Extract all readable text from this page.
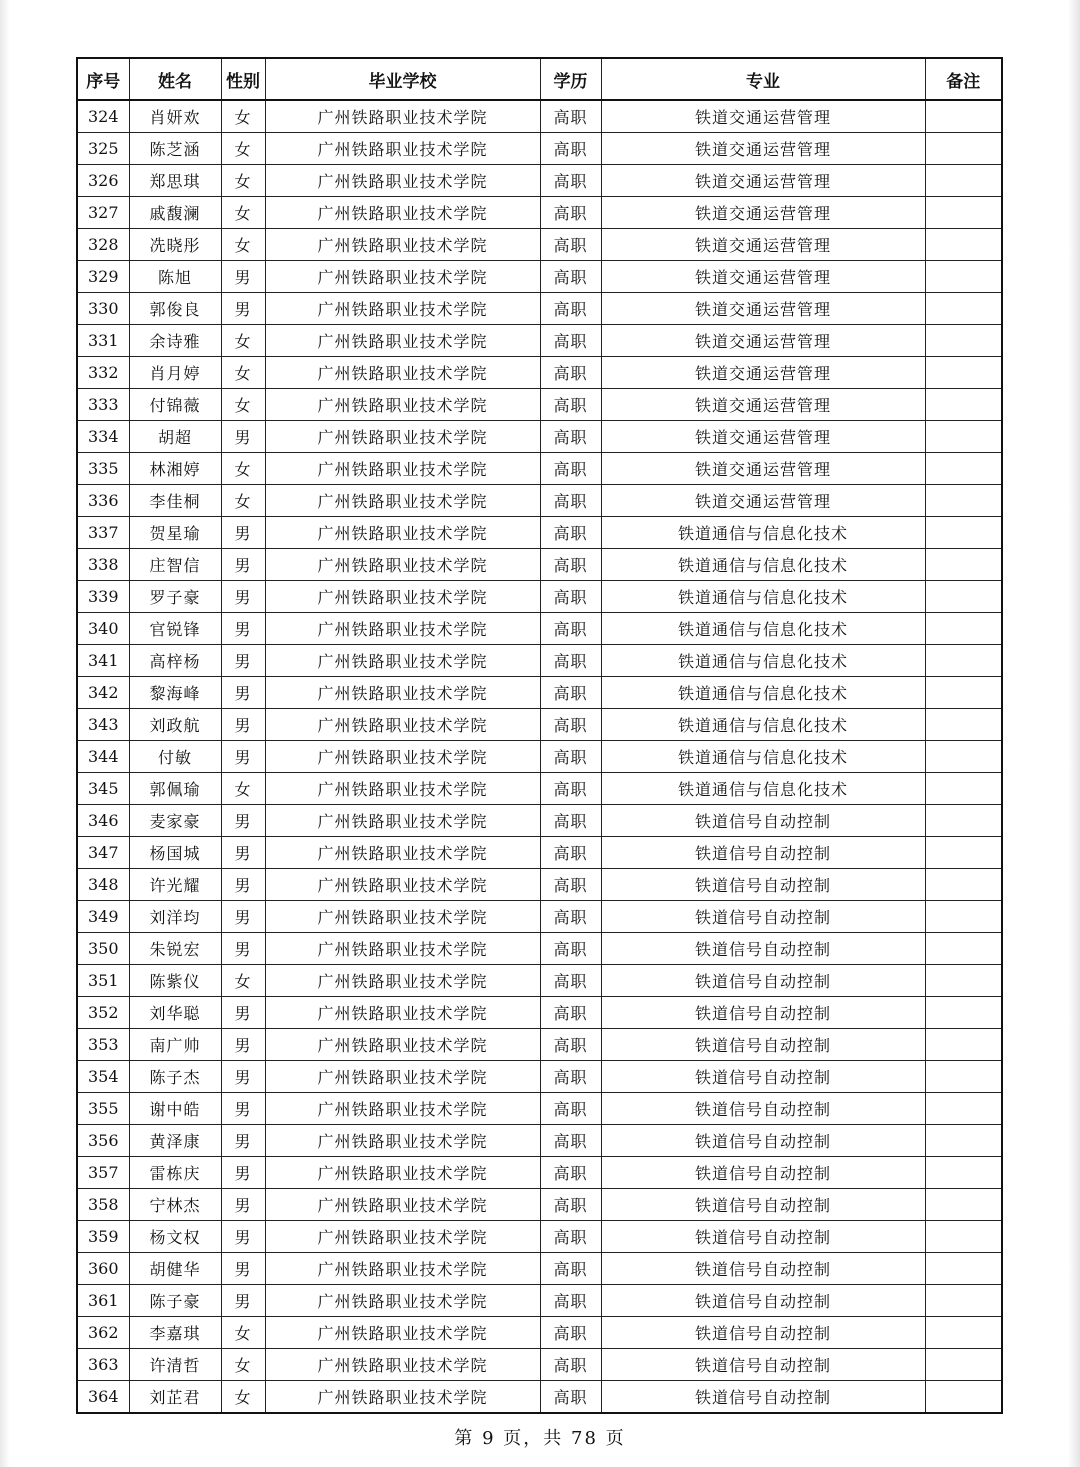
序号	姓名	性别	毕业学校	学历	专业	备注
324	肖妍欢	女	广州铁路职业技术学院	高职	铁道交通运营管理	
325	陈芝涵	女	广州铁路职业技术学院	高职	铁道交通运营管理	
326	郑思琪	女	广州铁路职业技术学院	高职	铁道交通运营管理	
327	戚馥澜	女	广州铁路职业技术学院	高职	铁道交通运营管理	
328	冼晓彤	女	广州铁路职业技术学院	高职	铁道交通运营管理	
329	陈旭	男	广州铁路职业技术学院	高职	铁道交通运营管理	
330	郭俊良	男	广州铁路职业技术学院	高职	铁道交通运营管理	
331	余诗雅	女	广州铁路职业技术学院	高职	铁道交通运营管理	
332	肖月婷	女	广州铁路职业技术学院	高职	铁道交通运营管理	
333	付锦薇	女	广州铁路职业技术学院	高职	铁道交通运营管理	
334	胡超	男	广州铁路职业技术学院	高职	铁道交通运营管理	
335	林湘婷	女	广州铁路职业技术学院	高职	铁道交通运营管理	
336	李佳桐	女	广州铁路职业技术学院	高职	铁道交通运营管理	
337	贺星瑜	男	广州铁路职业技术学院	高职	铁道通信与信息化技术	
338	庄智信	男	广州铁路职业技术学院	高职	铁道通信与信息化技术	
339	罗子豪	男	广州铁路职业技术学院	高职	铁道通信与信息化技术	
340	官锐锋	男	广州铁路职业技术学院	高职	铁道通信与信息化技术	
341	高梓杨	男	广州铁路职业技术学院	高职	铁道通信与信息化技术	
342	黎海峰	男	广州铁路职业技术学院	高职	铁道通信与信息化技术	
343	刘政航	男	广州铁路职业技术学院	高职	铁道通信与信息化技术	
344	付敏	男	广州铁路职业技术学院	高职	铁道通信与信息化技术	
345	郭佩瑜	女	广州铁路职业技术学院	高职	铁道通信与信息化技术	
346	麦家豪	男	广州铁路职业技术学院	高职	铁道信号自动控制	
347	杨国城	男	广州铁路职业技术学院	高职	铁道信号自动控制	
348	许光耀	男	广州铁路职业技术学院	高职	铁道信号自动控制	
349	刘洋均	男	广州铁路职业技术学院	高职	铁道信号自动控制	
350	朱锐宏	男	广州铁路职业技术学院	高职	铁道信号自动控制	
351	陈紫仪	女	广州铁路职业技术学院	高职	铁道信号自动控制	
352	刘华聪	男	广州铁路职业技术学院	高职	铁道信号自动控制	
353	南广帅	男	广州铁路职业技术学院	高职	铁道信号自动控制	
354	陈子杰	男	广州铁路职业技术学院	高职	铁道信号自动控制	
355	谢中皓	男	广州铁路职业技术学院	高职	铁道信号自动控制	
356	黄泽康	男	广州铁路职业技术学院	高职	铁道信号自动控制	
357	雷栋庆	男	广州铁路职业技术学院	高职	铁道信号自动控制	
358	宁林杰	男	广州铁路职业技术学院	高职	铁道信号自动控制	
359	杨文权	男	广州铁路职业技术学院	高职	铁道信号自动控制	
360	胡健华	男	广州铁路职业技术学院	高职	铁道信号自动控制	
361	陈子豪	男	广州铁路职业技术学院	高职	铁道信号自动控制	
362	李嘉琪	女	广州铁路职业技术学院	高职	铁道信号自动控制	
363	许清哲	女	广州铁路职业技术学院	高职	铁道信号自动控制	
364	刘芷君	女	广州铁路职业技术学院	高职	铁道信号自动控制	
第 9 页，共 78 页
